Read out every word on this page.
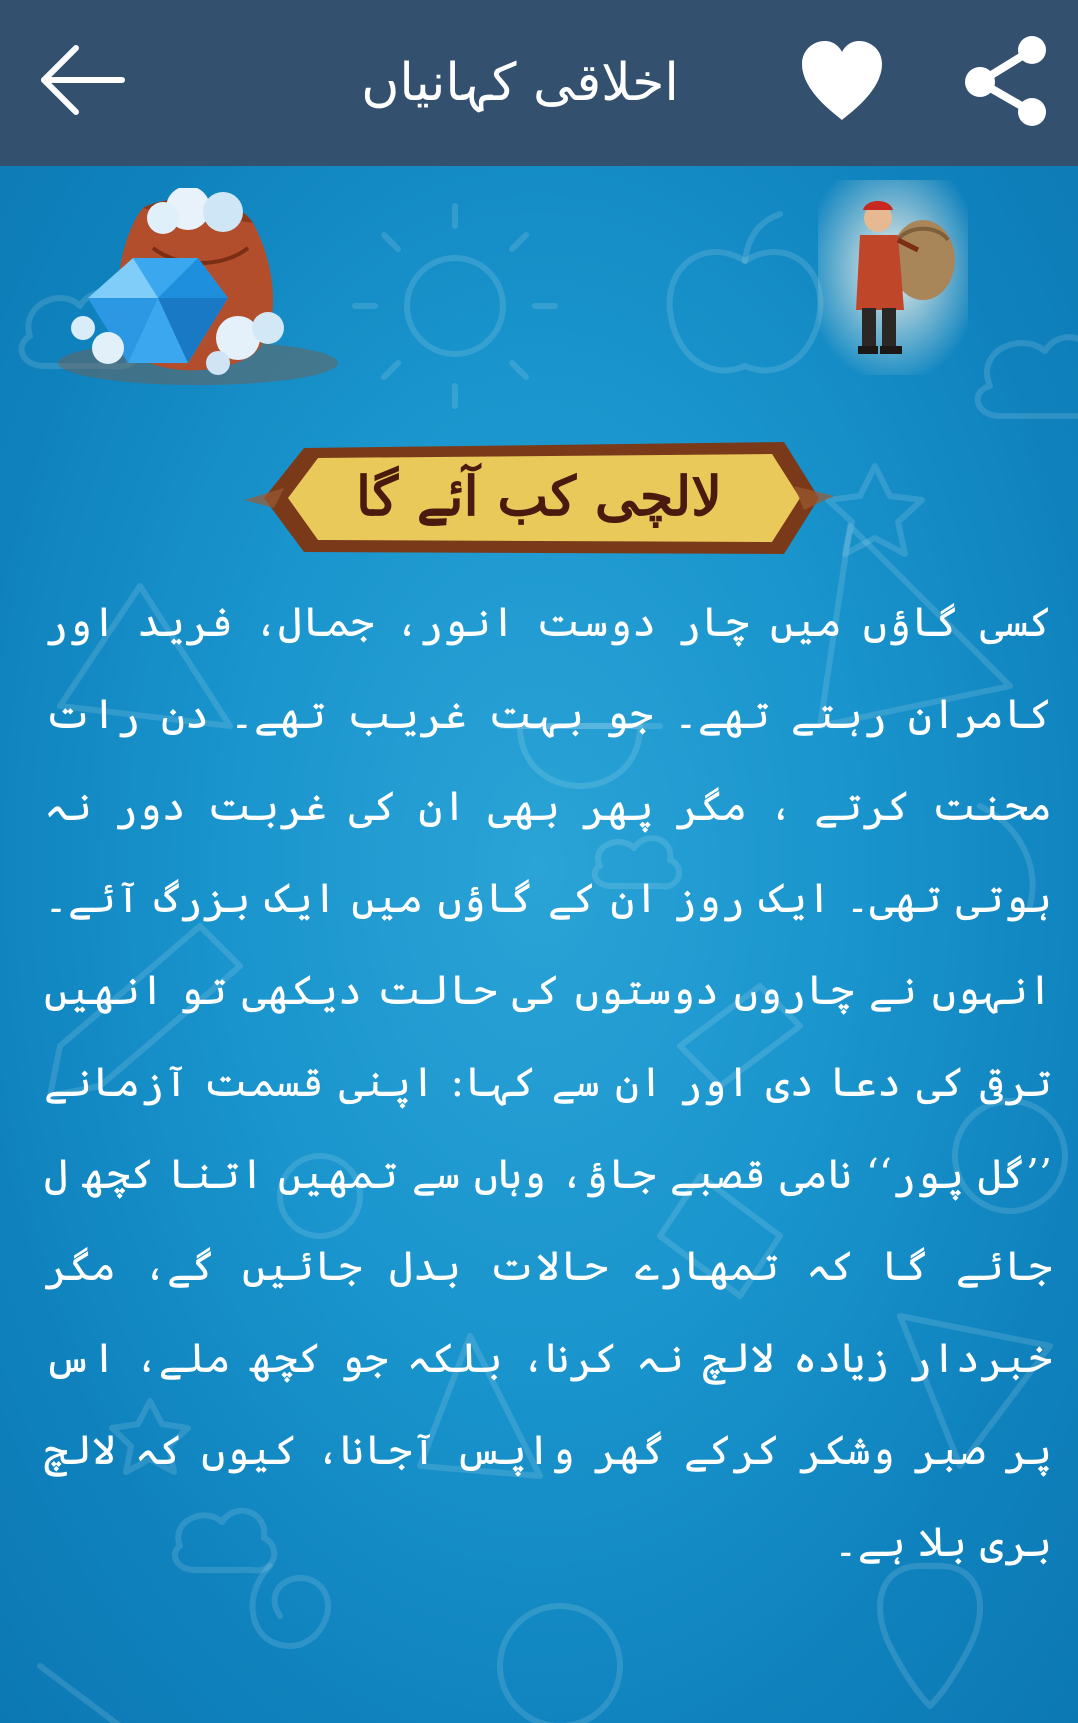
اخلاقی کہانیاں
لالچی کب آئے گا
کسی گاؤں میں چار دوست انور، جمال، فرید اور کامران رہتے تھے۔ جو بہت غریب تھے۔ دن رات محنت کرتے ، مگر پھر بھی ان کی غربت دور نہ ہوتی تھی۔ ایک روز ان کے گاؤں میں ایک بزرگ آئے۔ انہوں نے چاروں دوستوں کی حالت دیکھی تو انھیں ترقی کی دعا دی اور ان سے کہا: اپنی قسمت آزمانے ’’گل پور‘‘ نامی قصبے جاؤ، وہاں سے تمھیں اتنا کچھ ل جائے گا کہ تمھارے حالات بدل جائیں گے، مگر خبردار زیادہ لالچ نہ کرنا، بلکہ جو کچھ ملے، اس پر صبر وشکر کرکے گھر واپس آجانا، کیوں کہ لالچ بری بلا ہے۔
